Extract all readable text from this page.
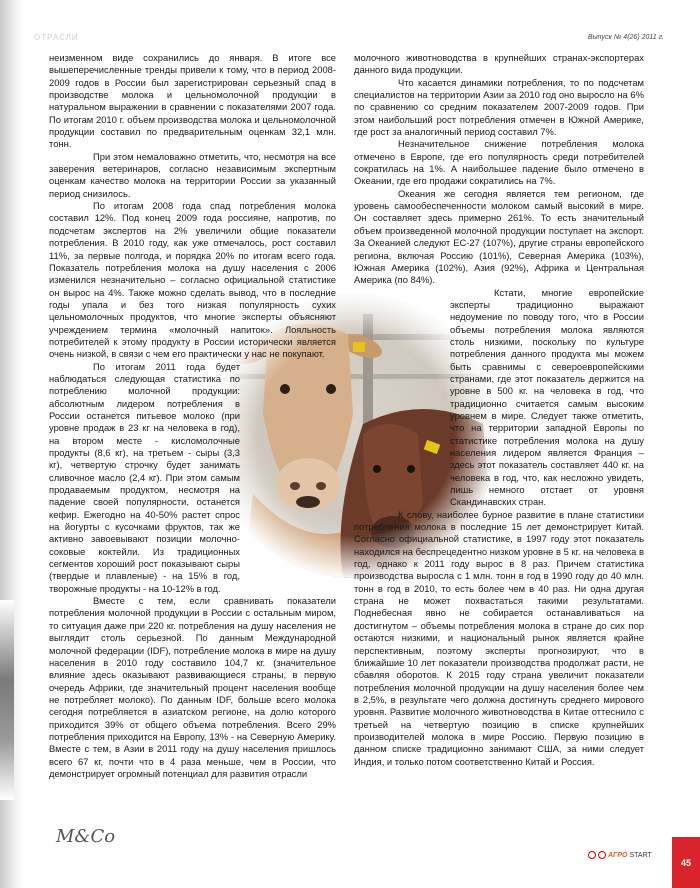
ОТРАСЛИ	Выпуск № 4(26) 2011 г.

неизменном виде сохранились до января. В итоге все вышеперечисленные тренды привели к тому, что в период 2008-2009 годов в России был зарегистрирован серьезный спад в производстве молока и цельномолочной продукции в натуральном выражении в сравнении с показателями 2007 года. По итогам 2010 г. объем производства молока и цельномолочной продукции составил по предварительным оценкам 32,1 млн. тонн.

При этом немаловажно отметить, что, несмотря на все заверения ветеринаров, согласно независимым экспертным оценкам качество молока на территории России за указанный период снизилось.

По итогам 2008 года спад потребления молока составил 12%. Под конец 2009 года россияне, напротив, по подсчетам экспертов на 2% увеличили общие показатели потребления. В 2010 году, как уже отмечалось, рост составил 11%, за первые полгода, и порядка 20% по итогам всего года. Показатель потребления молока на душу населения с 2006 изменился незначительно – согласно официальной статистике он вырос на 4%. Также можно сделать вывод, что в последние годы упала и без того низкая популярность сухих цельномолочных продуктов, что многие эксперты объясняют учреждением термина «молочный напиток». Лояльность потребителей к этому продукту в России исторически является очень низкой, в связи с чем его практически у нас не покупают.

По итогам 2011 года будет наблюдаться следующая статистика по потреблению молочной продукции: абсолютным лидером потребления в России останется питьевое молоко (при уровне продаж в 23 кг на человека в год), на втором месте - кисломолочные продукты (8,6 кг), на третьем - сыры (3,3 кг), четвертую строчку будет занимать сливочное масло (2,4 кг). При этом самым продаваемым продуктом, несмотря на падение своей популярности, останется кефир. Ежегодно на 40-50% растет спрос на йогурты с кусочками фруктов, так же активно завоевывают позиции молочно-соковые коктейли. Из традиционных сегментов хороший рост показывают сыры (твердые и плавленые) - на 15% в год, творожные продукты - на 10-12% в год.

Вместе с тем, если сравнивать показатели потребления молочной продукции в России с остальным миром, то ситуация даже при 220 кг. потребления на душу населения не выглядит столь серьезной. По данным Международной молочной федерации (IDF), потребление молока в мире на душу населения в 2010 году составило 104,7 кг. (значительное влияние здесь оказывают развивающиеся страны, в первую очередь Африки, где значительный процент населения вообще не потребляет молоко). По данным IDF, больше всего молока сегодня потребляется в азиатском регионе, на долю которого приходится 39% от общего объема потребления. Всего 29% потребления приходится на Европу, 13% - на Северную Америку. Вместе с тем, в Азии в 2011 году на душу населения пришлось всего 67 кг, почти что в 4 раза меньше, чем в России, что демонстрирует огромный потенциал для развития отрасли

молочного животноводства в крупнейших странах-экспортерах данного вида продукции.

Что касается динамики потребления, то по подсчетам специалистов на территории Азии за 2010 год оно выросло на 6% по сравнению со средним показателем 2007-2009 годов. При этом наибольший рост потребления отмечен в Южной Америке, где рост за аналогичный период составил 7%.

Незначительное снижение потребления молока отмечено в Европе, где его популярность среди потребителей сократилась на 1%. А наибольшее падение было отмечено в Океании, где его продажи сократились на 7%.

Океания же сегодня является тем регионом, где уровень самообеспеченности молоком самый высокий в мире. Он составляет здесь примерно 261%. То есть значительный объем произведенной молочной продукции поступает на экспорт. За Океанией следуют ЕС-27 (107%), другие страны европейского региона, включая Россию (101%), Северная Америка (103%), Южная Америка (102%), Азия (92%), Африка и Центральная Америка (по 84%).

Кстати, многие европейские эксперты традиционно выражают недоумение по поводу того, что в России объемы потребления молока являются столь низкими, поскольку по культуре потребления данного продукта мы можем быть сравнимы с североевропейскими странами, где этот показатель держится на уровне в 500 кг. на человека в год, что традиционно считается самым высоким уровнем в мире. Следует также отметить, что на территории западной Европы по статистике потребления молока на душу населения лидером является Франция – здесь этот показатель составляет 440 кг. на человека в год, что, как несложно увидеть, лишь немного отстает от уровня Скандинавских стран.

К слову, наиболее бурное развитие в плане статистики потребления молока в последние 15 лет демонстрирует Китай. Согласно официальной статистике, в 1997 году этот показатель находился на беспрецедентно низком уровне в 5 кг. на человека в год, однако к 2011 году вырос в 8 раз. Причем статистика производства выросла с 1 млн. тонн в год в 1990 году до 40 млн. тонн в год в 2010, то есть более чем в 40 раз. Ни одна другая страна не может похвастаться такими результатами. Поднебесная явно не собирается останавливаться на достигнутом – объемы потребления молока в стране до сих пор остаются низкими, и национальный рынок является крайне перспективным, поэтому эксперты прогнозируют, что в ближайшие 10 лет показатели производства продолжат расти, не сбавляя оборотов. К 2015 году страна увеличит показатели потребления молочной продукции на душу населения более чем в 2,5%, в результате чего должна достигнуть среднего мирового уровня. Развитие молочного животноводства в Китае оттеснило с третьей на четвертую позицию в списке крупнейших производителей молока в мире Россию. Первую позицию в данном списке традиционно занимают США, за ними следует Индия, и только потом соответственно Китай и Россия.

M&Co
АГРО START
45
